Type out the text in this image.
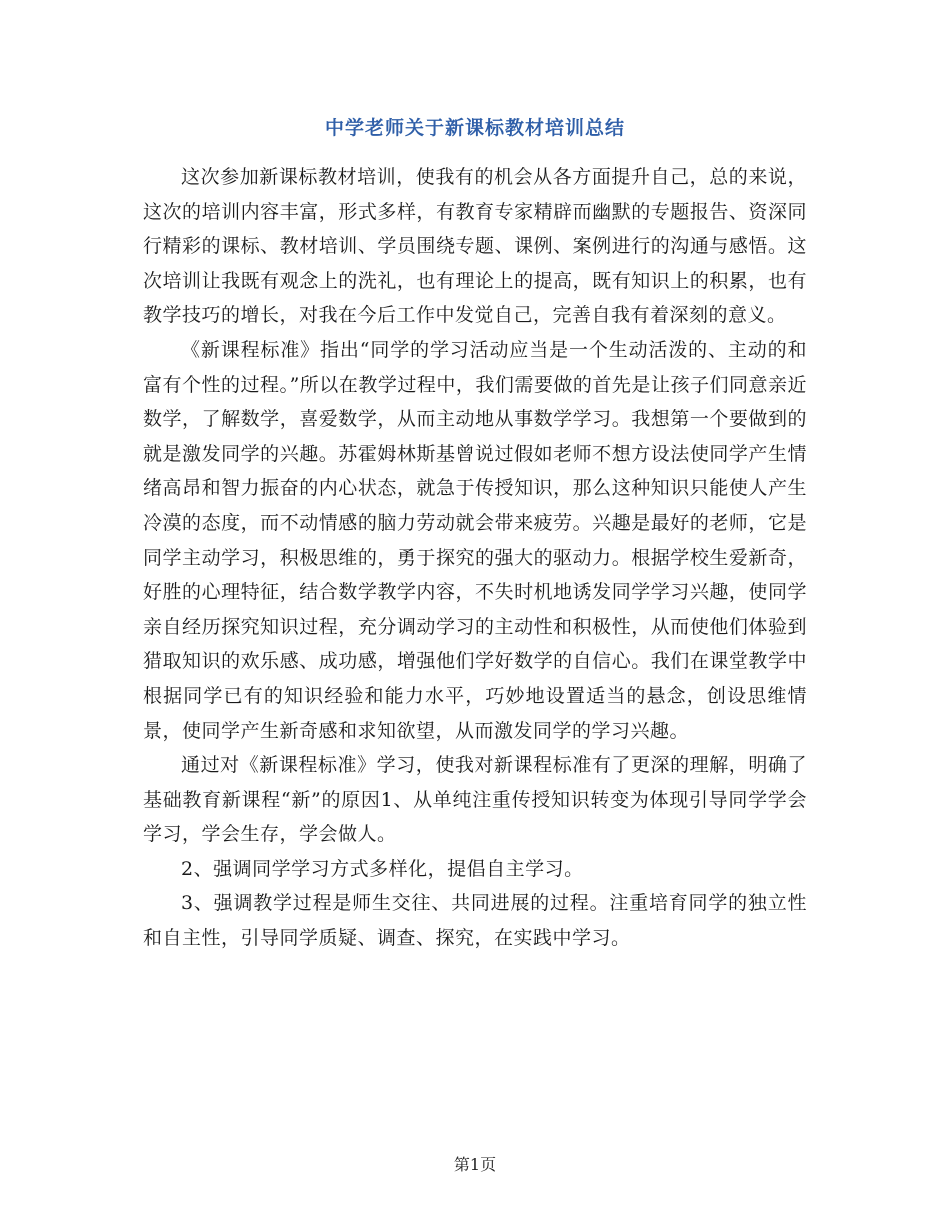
中学老师关于新课标教材培训总结

这次参加新课标教材培训，使我有的机会从各方面提升自己，总的来说，这次的培训内容丰富，形式多样，有教育专家精辟而幽默的专题报告、资深同行精彩的课标、教材培训、学员围绕专题、课例、案例进行的沟通与感悟。这次培训让我既有观念上的洗礼，也有理论上的提高，既有知识上的积累，也有教学技巧的增长，对我在今后工作中发觉自己，完善自我有着深刻的意义。

《新课程标准》指出“同学的学习活动应当是一个生动活泼的、主动的和富有个性的过程。”所以在教学过程中，我们需要做的首先是让孩子们同意亲近数学，了解数学，喜爱数学，从而主动地从事数学学习。我想第一个要做到的就是激发同学的兴趣。苏霍姆林斯基曾说过假如老师不想方设法使同学产生情绪高昂和智力振奋的内心状态，就急于传授知识，那么这种知识只能使人产生冷漠的态度，而不动情感的脑力劳动就会带来疲劳。兴趣是最好的老师，它是同学主动学习，积极思维的，勇于探究的强大的驱动力。根据学校生爱新奇，好胜的心理特征，结合数学教学内容，不失时机地诱发同学学习兴趣，使同学亲自经历探究知识过程，充分调动学习的主动性和积极性，从而使他们体验到猎取知识的欢乐感、成功感，增强他们学好数学的自信心。我们在课堂教学中根据同学已有的知识经验和能力水平，巧妙地设置适当的悬念，创设思维情景，使同学产生新奇感和求知欲望，从而激发同学的学习兴趣。

通过对《新课程标准》学习，使我对新课程标准有了更深的理解，明确了基础教育新课程“新”的原因1、从单纯注重传授知识转变为体现引导同学学会学习，学会生存，学会做人。

2、强调同学学习方式多样化，提倡自主学习。

3、强调教学过程是师生交往、共同进展的过程。注重培育同学的独立性和自主性，引导同学质疑、调查、探究，在实践中学习。

第1页
